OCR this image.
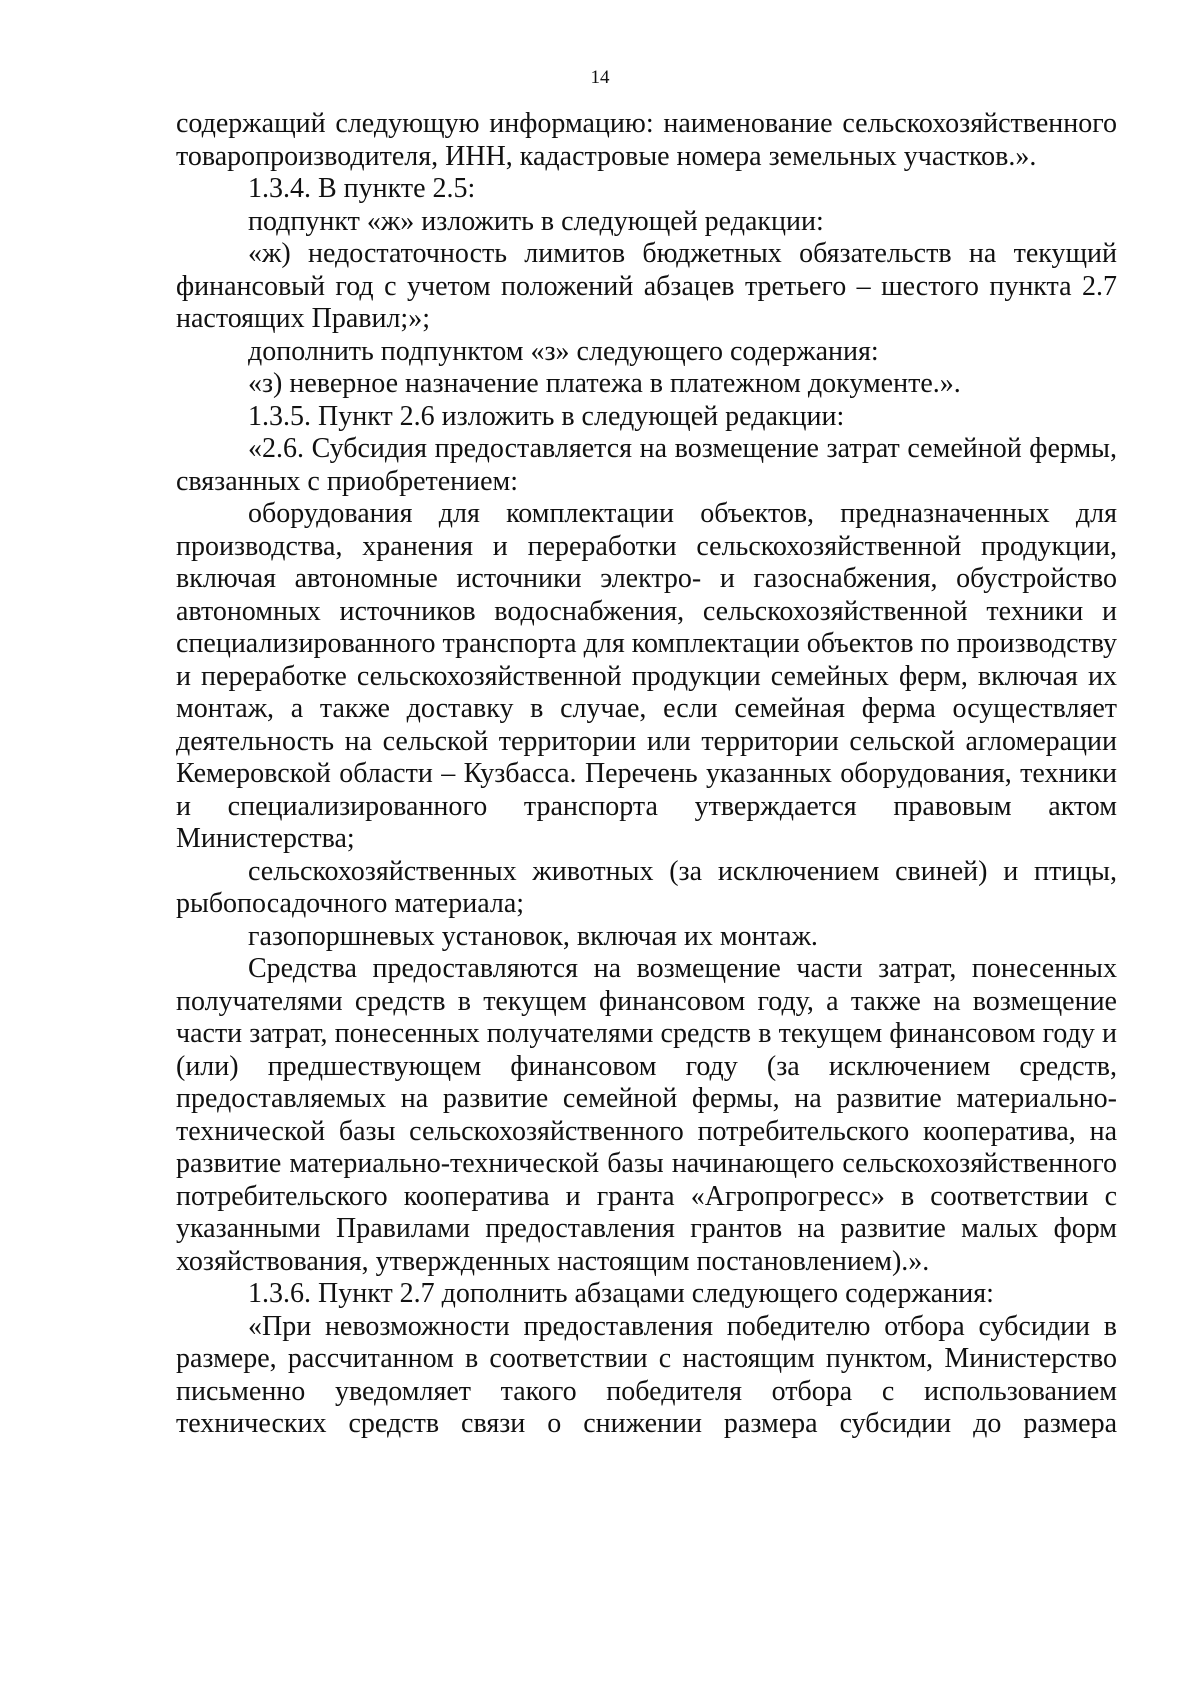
14

содержащий следующую информацию: наименование сельскохозяйственного товаропроизводителя, ИНН, кадастровые номера земельных участков.».

1.3.4. В пункте 2.5:

подпункт «ж» изложить в следующей редакции:

«ж) недостаточность лимитов бюджетных обязательств на текущий финансовый год с учетом положений абзацев третьего – шестого пункта 2.7 настоящих Правил;»;

дополнить подпунктом «з» следующего содержания:

«з) неверное назначение платежа в платежном документе.».

1.3.5. Пункт 2.6 изложить в следующей редакции:

«2.6. Субсидия предоставляется на возмещение затрат семейной фермы, связанных с приобретением:

оборудования для комплектации объектов, предназначенных для производства, хранения и переработки сельскохозяйственной продукции, включая автономные источники электро- и газоснабжения, обустройство автономных источников водоснабжения, сельскохозяйственной техники и специализированного транспорта для комплектации объектов по производству и переработке сельскохозяйственной продукции семейных ферм, включая их монтаж, а также доставку в случае, если семейная ферма осуществляет деятельность на сельской территории или территории сельской агломерации Кемеровской области – Кузбасса. Перечень указанных оборудования, техники и специализированного транспорта утверждается правовым актом Министерства;

сельскохозяйственных животных (за исключением свиней) и птицы, рыбопосадочного материала;

газопоршневых установок, включая их монтаж.

Средства предоставляются на возмещение части затрат, понесенных получателями средств в текущем финансовом году, а также на возмещение части затрат, понесенных получателями средств в текущем финансовом году и (или) предшествующем финансовом году (за исключением средств, предоставляемых на развитие семейной фермы, на развитие материально-технической базы сельскохозяйственного потребительского кооператива, на развитие материально-технической базы начинающего сельскохозяйственного потребительского кооператива и гранта «Агропрогресс» в соответствии с указанными Правилами предоставления грантов на развитие малых форм хозяйствования, утвержденных настоящим постановлением).».

1.3.6. Пункт 2.7 дополнить абзацами следующего содержания:

«При невозможности предоставления победителю отбора субсидии в размере, рассчитанном в соответствии с настоящим пунктом, Министерство письменно уведомляет такого победителя отбора с использованием технических средств связи о снижении размера субсидии до размера
